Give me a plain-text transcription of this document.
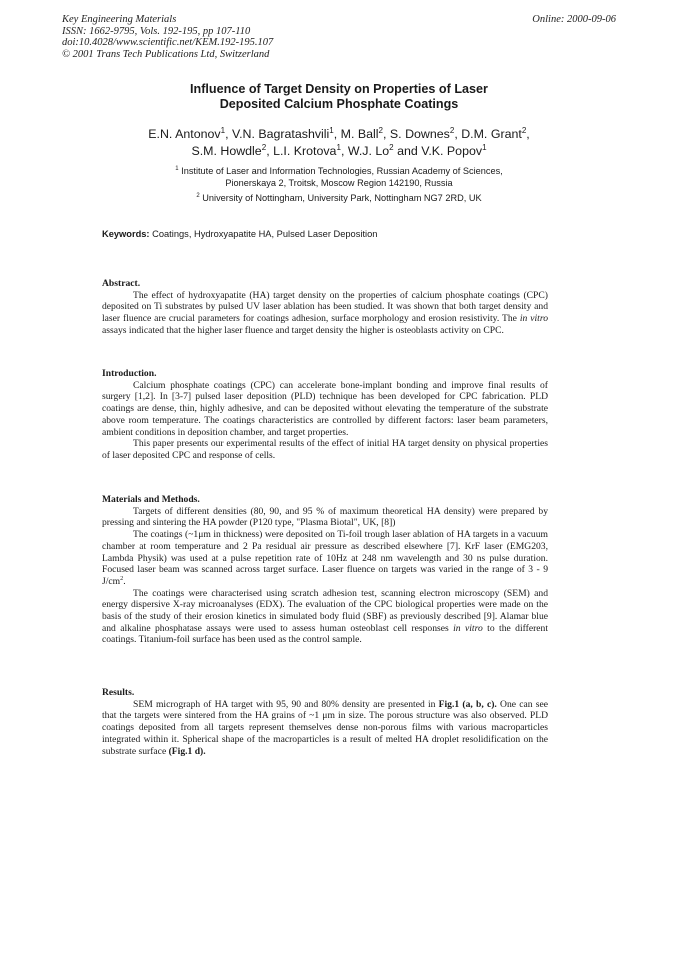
Key Engineering Materials
ISSN: 1662-9795, Vols. 192-195, pp 107-110
doi:10.4028/www.scientific.net/KEM.192-195.107
© 2001 Trans Tech Publications Ltd, Switzerland
Online: 2000-09-06
Influence of Target Density on Properties of Laser
Deposited Calcium Phosphate Coatings
E.N. Antonov$^1$, V.N. Bagratashvili$^1$, M. Ball$^2$, S. Downes$^2$, D.M. Grant$^2$,
S.M. Howdle$^2$, L.I. Krotova$^1$, W.J. Lo$^2$ and V.K. Popov$^1$
$^1$ Institute of Laser and Information Technologies, Russian Academy of Sciences,
Pionerskaya 2, Troitsk, Moscow Region 142190, Russia
$^2$ University of Nottingham, University Park, Nottingham NG7 2RD, UK
Keywords: Coatings, Hydroxyapatite HA, Pulsed Laser Deposition

Abstract.

The effect of hydroxyapatite (HA) target density on the properties of calcium phosphate coatings (CPC) deposited on Ti substrates by pulsed UV laser ablation has been studied. It was shown that both target density and laser fluence are crucial parameters for coatings adhesion, surface morphology and erosion resistivity. The in vitro assays indicated that the higher laser fluence and target density the higher is osteoblasts activity on CPC.

Introduction.

Calcium phosphate coatings (CPC) can accelerate bone-implant bonding and improve final results of surgery [1,2]. In [3-7] pulsed laser deposition (PLD) technique has been developed for CPC fabrication. PLD coatings are dense, thin, highly adhesive, and can be deposited without elevating the temperature of the substrate above room temperature. The coatings characteristics are controlled by different factors: laser beam parameters, ambient conditions in deposition chamber, and target properties.

This paper presents our experimental results of the effect of initial HA target density on physical properties of laser deposited CPC and response of cells.

Materials and Methods.

Targets of different densities (80, 90, and 95 % of maximum theoretical HA density) were prepared by pressing and sintering the HA powder (P120 type, "Plasma Biotal", UK, [8])

The coatings (~1μm in thickness) were deposited on Ti-foil trough laser ablation of HA targets in a vacuum chamber at room temperature and 2 Pa residual air pressure as described elsewhere [7]. KrF laser (EMG203, Lambda Physik) was used at a pulse repetition rate of 10Hz at 248 nm wavelength and 30 ns pulse duration. Focused laser beam was scanned across target surface. Laser fluence on targets was varied in the range of 3 - 9 $J/cm^2$.

The coatings were characterised using scratch adhesion test, scanning electron microscopy (SEM) and energy dispersive X-ray microanalyses (EDX). The evaluation of the CPC biological properties were made on the basis of the study of their erosion kinetics in simulated body fluid (SBF) as previously described [9]. Alamar blue and alkaline phosphatase assays were used to assess human osteoblast cell responses in vitro to the different coatings. Titanium-foil surface has been used as the control sample.

Results.

SEM micrograph of HA target with 95, 90 and 80% density are presented in Fig.1 (a, b, c). One can see that the targets were sintered from the HA grains of ~1 μm in size. The porous structure was also observed. PLD coatings deposited from all targets represent themselves dense non-porous films with various macroparticles integrated within it. Spherical shape of the macroparticles is a result of melted HA droplet resolidification on the substrate surface (Fig.1 d).
